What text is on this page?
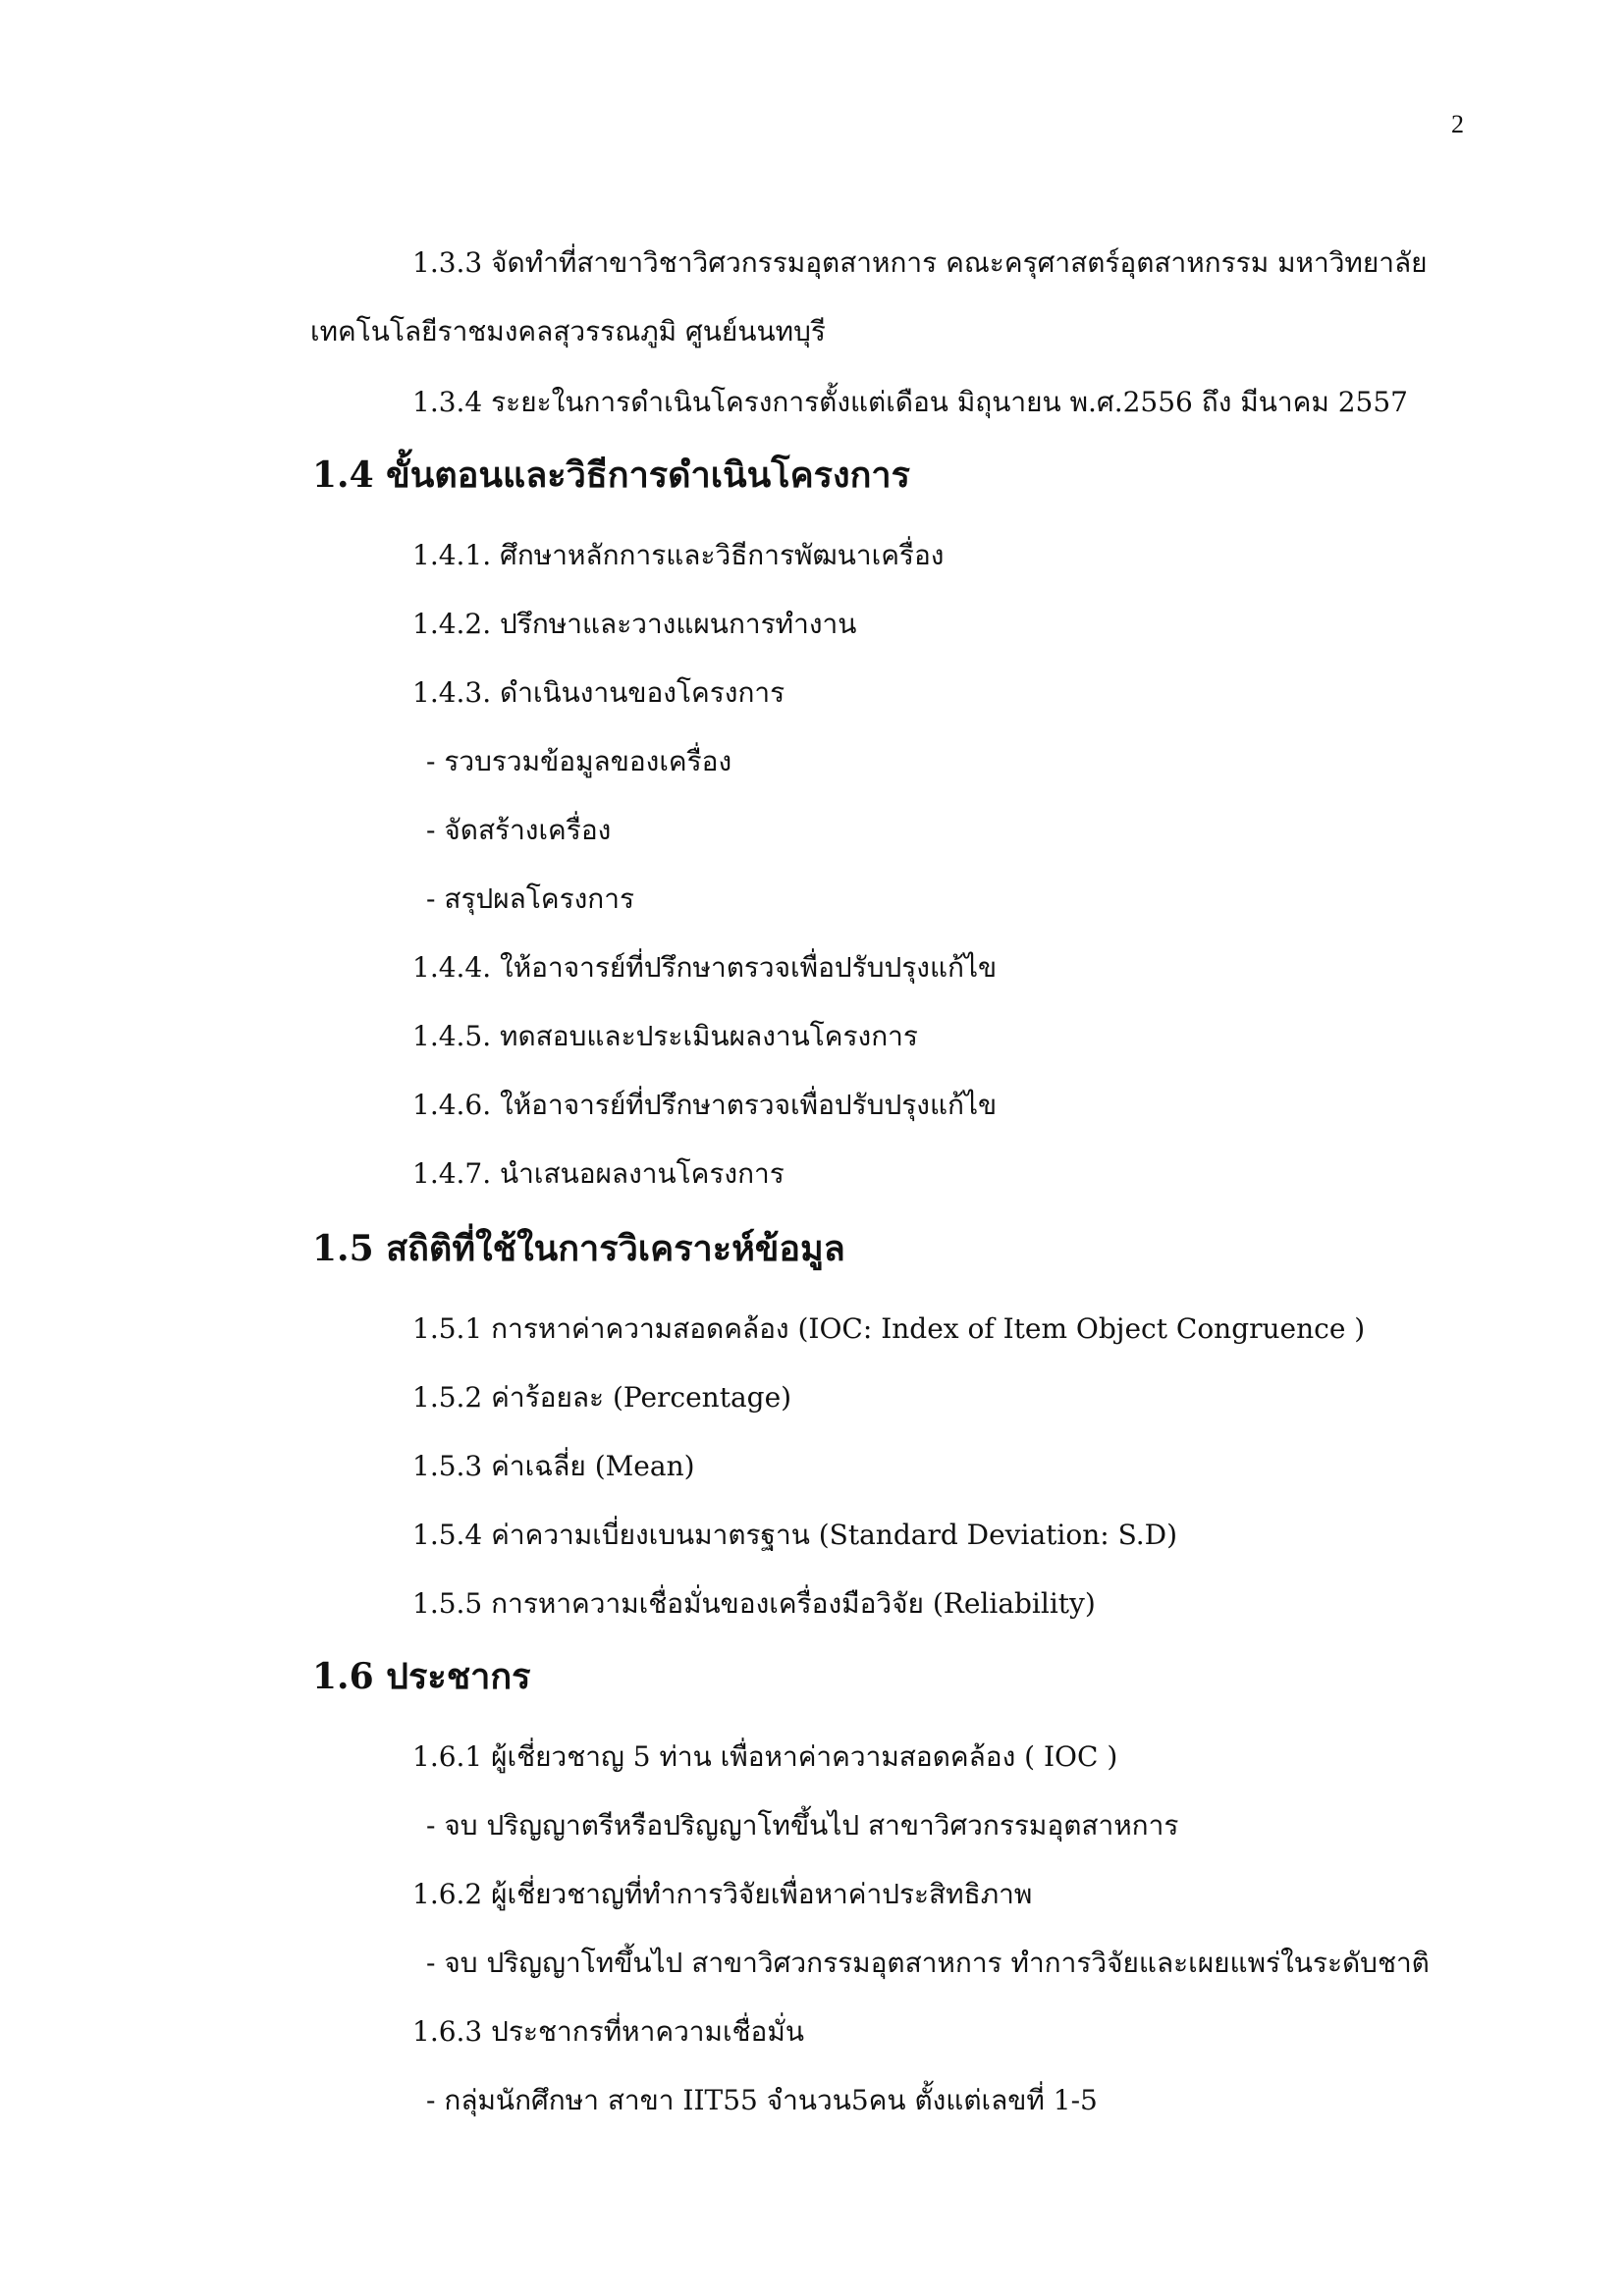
2
1.3.3 จัดทำที่สาขาวิชาวิศวกรรมอุตสาหการ คณะครุศาสตร์อุตสาหกรรม มหาวิทยาลัย
เทคโนโลยีราชมงคลสุวรรณภูมิ ศูนย์นนทบุรี
1.3.4 ระยะในการดำเนินโครงการตั้งแต่เดือน มิถุนายน พ.ศ.2556 ถึง มีนาคม 2557
1.4 ขั้นตอนและวิธีการดำเนินโครงการ
1.4.1. ศึกษาหลักการและวิธีการพัฒนาเครื่อง
1.4.2. ปรึกษาและวางแผนการทำงาน
1.4.3. ดำเนินงานของโครงการ
- รวบรวมข้อมูลของเครื่อง
- จัดสร้างเครื่อง
- สรุปผลโครงการ
1.4.4. ให้อาจารย์ที่ปรึกษาตรวจเพื่อปรับปรุงแก้ไข
1.4.5. ทดสอบและประเมินผลงานโครงการ
1.4.6. ให้อาจารย์ที่ปรึกษาตรวจเพื่อปรับปรุงแก้ไข
1.4.7. นำเสนอผลงานโครงการ
1.5 สถิติที่ใช้ในการวิเคราะห์ข้อมูล
1.5.1 การหาค่าความสอดคล้อง (IOC: Index of Item Object Congruence )
1.5.2 ค่าร้อยละ (Percentage)
1.5.3 ค่าเฉลี่ย (Mean)
1.5.4 ค่าความเบี่ยงเบนมาตรฐาน (Standard Deviation: S.D)
1.5.5 การหาความเชื่อมั่นของเครื่องมือวิจัย (Reliability)
1.6 ประชากร
1.6.1 ผู้เชี่ยวชาญ 5 ท่าน เพื่อหาค่าความสอดคล้อง ( IOC )
- จบ ปริญญาตรีหรือปริญญาโทขึ้นไป สาขาวิศวกรรมอุตสาหการ
1.6.2 ผู้เชี่ยวชาญที่ทำการวิจัยเพื่อหาค่าประสิทธิภาพ
- จบ ปริญญาโทขึ้นไป สาขาวิศวกรรมอุตสาหการ ทำการวิจัยและเผยแพร่ในระดับชาติ
1.6.3 ประชากรที่หาความเชื่อมั่น
- กลุ่มนักศึกษา สาขา IIT55 จำนวน5คน ตั้งแต่เลขที่ 1-5
